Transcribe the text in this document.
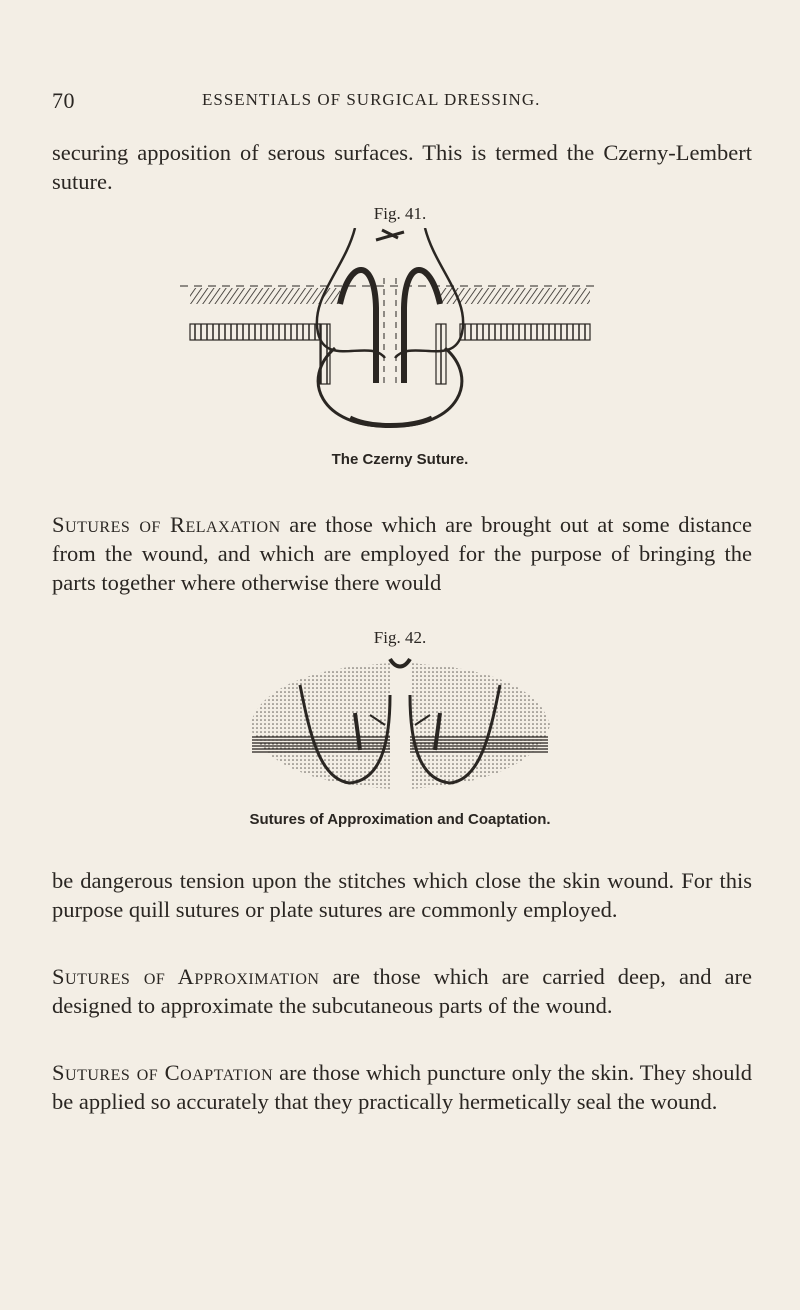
70	ESSENTIALS OF SURGICAL DRESSING.
securing apposition of serous surfaces. This is termed the Czerny-Lembert suture.
Fig. 41.
The Czerny Suture.
Sutures of Relaxation are those which are brought out at some distance from the wound, and which are employed for the purpose of bringing the parts together where otherwise there would
Fig. 42.
Sutures of Approximation and Coaptation.
be dangerous tension upon the stitches which close the skin wound. For this purpose quill sutures or plate sutures are commonly employed.
Sutures of Approximation are those which are carried deep, and are designed to approximate the subcutaneous parts of the wound.
Sutures of Coaptation are those which puncture only the skin. They should be applied so accurately that they practically hermetically seal the wound.
